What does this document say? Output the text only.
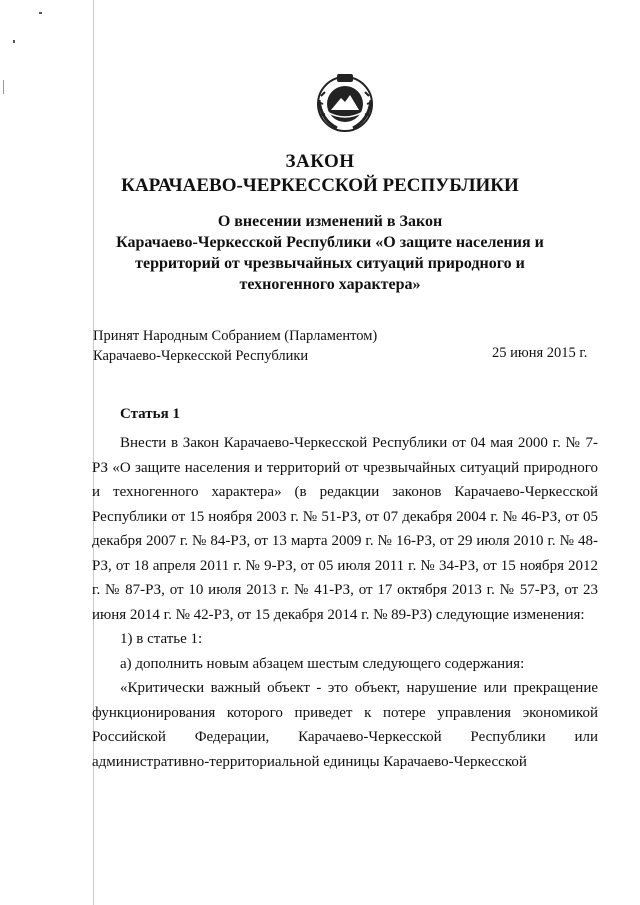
ЗАКОН
КАРАЧАЕВО-ЧЕРКЕССКОЙ РЕСПУБЛИКИ
О внесении изменений в Закон
Карачаево-Черкесской Республики «О защите населения и
территорий от чрезвычайных ситуаций природного и
техногенного характера»
Принят Народным Собранием (Парламентом)
Карачаево-Черкесской Республики	25 июня 2015 г.
Статья 1

Внести в Закон Карачаево-Черкесской Республики от 04 мая 2000 г. № 7-РЗ «О защите населения и территорий от чрезвычайных ситуаций природного и техногенного характера» (в редакции законов Карачаево-Черкесской Республики от 15 ноября 2003 г. № 51-РЗ, от 07 декабря 2004 г. № 46-РЗ, от 05 декабря 2007 г. № 84-РЗ, от 13 марта 2009 г. № 16-РЗ, от 29 июля 2010 г. № 48-РЗ, от 18 апреля 2011 г. № 9-РЗ, от 05 июля 2011 г. № 34-РЗ, от 15 ноября 2012 г. № 87-РЗ, от 10 июля 2013 г. № 41-РЗ, от 17 октября 2013 г. № 57-РЗ, от 23 июня 2014 г. № 42-РЗ, от 15 декабря 2014 г. № 89-РЗ) следующие изменения:

1) в статье 1:

а) дополнить новым абзацем шестым следующего содержания:

«Критически важный объект - это объект, нарушение или прекращение функционирования которого приведет к потере управления экономикой Российской Федерации, Карачаево-Черкесской Республики или административно-территориальной единицы Карачаево-Черкесской
